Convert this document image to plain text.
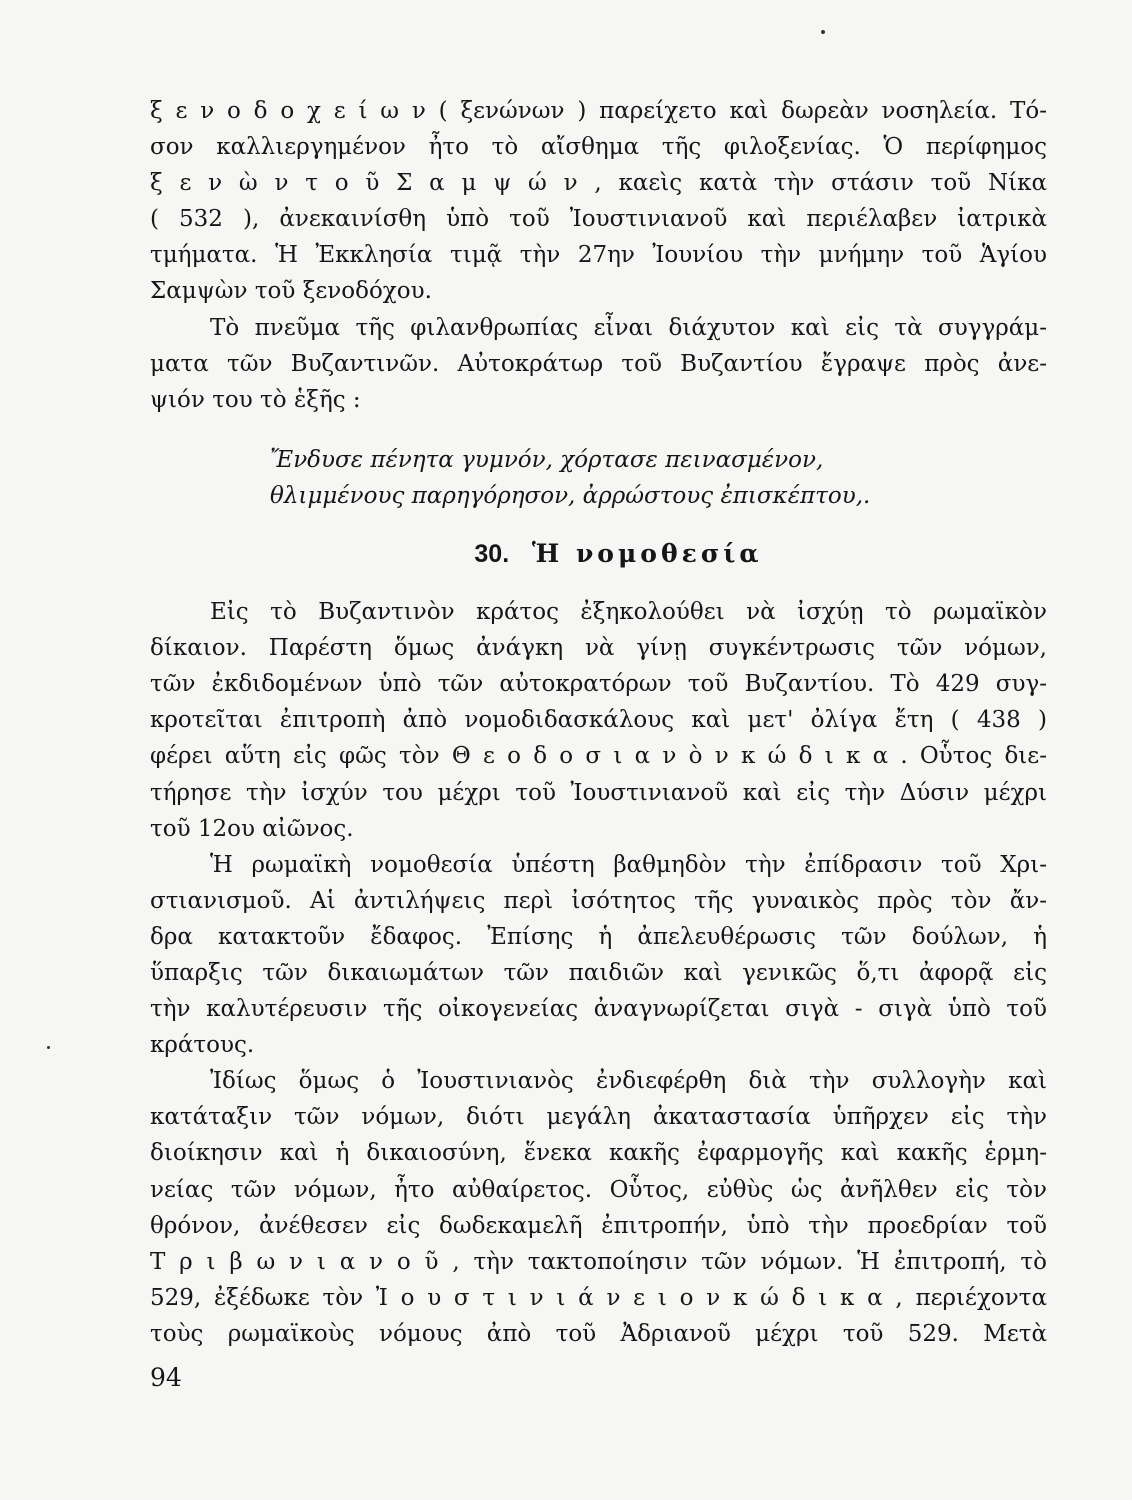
ξ ε ν ο δ ο χ ε ί ω ν ( ξενώνων ) παρείχετο καὶ δωρεὰν νοσηλεία. Τό-
σον καλλιεργημένον ἦτο τὸ αἴσθημα τῆς φιλοξενίας. Ὁ περίφημος
ξ ε ν ὼ ν τ ο ῦ Σ α μ ψ ώ ν , καεὶς κατὰ τὴν στάσιν τοῦ Νίκα
( 532 ), ἀνεκαινίσθη ὑπὸ τοῦ Ἰουστινιανοῦ καὶ περιέλαβεν ἰατρικὰ
τμήματα. Ἡ Ἐκκλησία τιμᾷ τὴν 27ην Ἰουνίου τὴν μνήμην τοῦ Ἁγίου
Σαμψὼν τοῦ ξενοδόχου.
Τὸ πνεῦμα τῆς φιλανθρωπίας εἶναι διάχυτον καὶ εἰς τὰ συγγράμ-
ματα τῶν Βυζαντινῶν. Αὐτοκράτωρ τοῦ Βυζαντίου ἔγραψε πρὸς ἀνε-
ψιόν του τὸ ἑξῆς :
Ἔνδυσε πένητα γυμνόν, χόρτασε πεινασμένον,
θλιμμένους παρηγόρησον, ἀρρώστους ἐπισκέπτου,.
30. Ἡ νομοθεσία
Εἰς τὸ Βυζαντινὸν κράτος ἐξηκολούθει νὰ ἰσχύῃ τὸ ρωμαϊκὸν
δίκαιον. Παρέστη ὅμως ἀνάγκη νὰ γίνῃ συγκέντρωσις τῶν νόμων,
τῶν ἐκδιδομένων ὑπὸ τῶν αὐτοκρατόρων τοῦ Βυζαντίου. Τὸ 429 συγ-
κροτεῖται ἐπιτροπὴ ἀπὸ νομοδιδασκάλους καὶ μετ' ὀλίγα ἔτη ( 438 )
φέρει αὕτη εἰς φῶς τὸν Θ ε ο δ ο σ ι α ν ὸ ν κ ώ δ ι κ α . Οὗτος διε-
τήρησε τὴν ἰσχύν του μέχρι τοῦ Ἰουστινιανοῦ καὶ εἰς τὴν Δύσιν μέχρι
τοῦ 12ου αἰῶνος.
Ἡ ρωμαϊκὴ νομοθεσία ὑπέστη βαθμηδὸν τὴν ἐπίδρασιν τοῦ Χρι-
στιανισμοῦ. Αἱ ἀντιλήψεις περὶ ἰσότητος τῆς γυναικὸς πρὸς τὸν ἄν-
δρα κατακτοῦν ἔδαφος. Ἐπίσης ἡ ἀπελευθέρωσις τῶν δούλων, ἡ
ὕπαρξις τῶν δικαιωμάτων τῶν παιδιῶν καὶ γενικῶς ὅ,τι ἀφορᾷ εἰς
τὴν καλυτέρευσιν τῆς οἰκογενείας ἀναγνωρίζεται σιγὰ - σιγὰ ὑπὸ τοῦ
κράτους.
Ἰδίως ὅμως ὁ Ἰουστινιανὸς ἐνδιεφέρθη διὰ τὴν συλλογὴν καὶ
κατάταξιν τῶν νόμων, διότι μεγάλη ἀκαταστασία ὑπῆρχεν εἰς τὴν
διοίκησιν καὶ ἡ δικαιοσύνη, ἕνεκα κακῆς ἐφαρμογῆς καὶ κακῆς ἑρμη-
νείας τῶν νόμων, ἦτο αὐθαίρετος. Οὗτος, εὐθὺς ὡς ἀνῆλθεν εἰς τὸν
θρόνον, ἀνέθεσεν εἰς δωδεκαμελῆ ἐπιτροπήν, ὑπὸ τὴν προεδρίαν τοῦ
Τ ρ ι β ω ν ι α ν ο ῦ , τὴν τακτοποίησιν τῶν νόμων. Ἡ ἐπιτροπή, τὸ
529, ἐξέδωκε τὸν Ἰ ο υ σ τ ι ν ι ά ν ε ι ο ν κ ώ δ ι κ α , περιέχοντα
τοὺς ρωμαϊκοὺς νόμους ἀπὸ τοῦ Ἀδριανοῦ μέχρι τοῦ 529. Μετὰ
94
